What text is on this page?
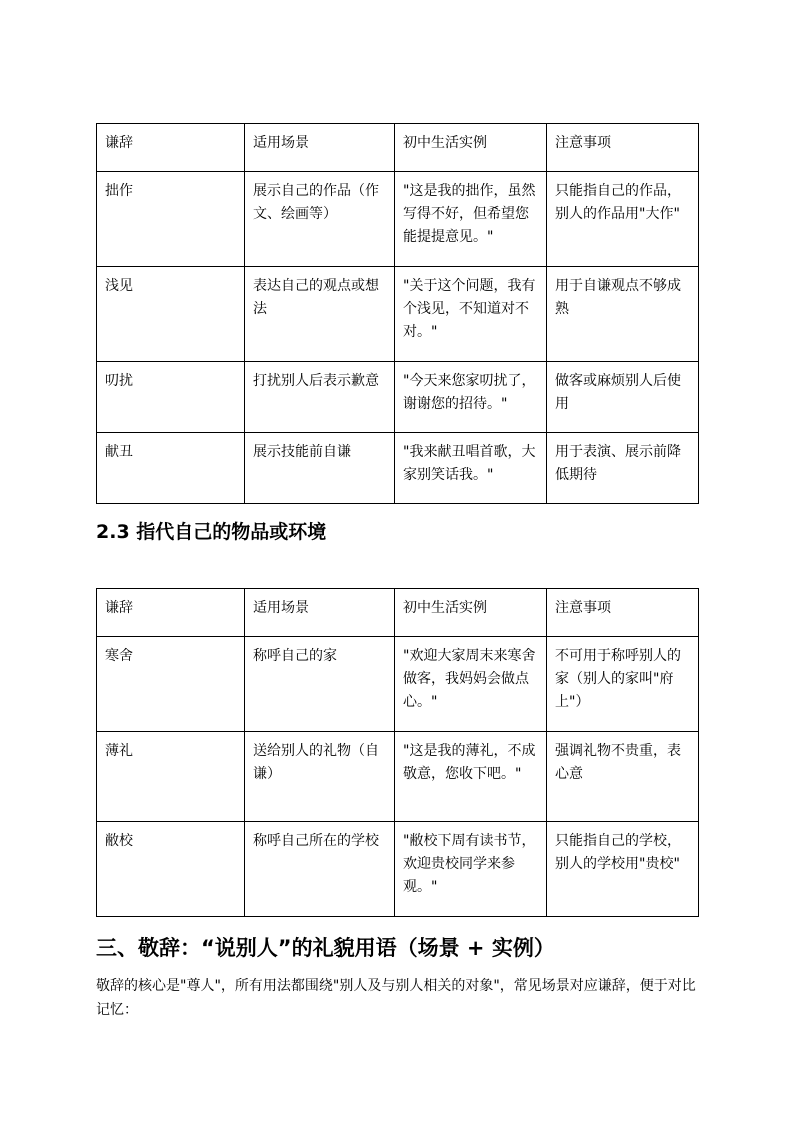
谦辞	适用场景	初中生活实例	注意事项
拙作	展示自己的作品（作文、绘画等）	"这是我的拙作，虽然写得不好，但希望您能提提意见。"	只能指自己的作品，别人的作品用"大作"
浅见	表达自己的观点或想法	"关于这个问题，我有个浅见，不知道对不对。"	用于自谦观点不够成熟
叨扰	打扰别人后表示歉意	"今天来您家叨扰了，谢谢您的招待。"	做客或麻烦别人后使用
献丑	展示技能前自谦	"我来献丑唱首歌，大家别笑话我。"	用于表演、展示前降低期待
2.3 指代自己的物品或环境
谦辞	适用场景	初中生活实例	注意事项
寒舍	称呼自己的家	"欢迎大家周末来寒舍做客，我妈妈会做点心。"	不可用于称呼别人的家（别人的家叫"府上"）
薄礼	送给别人的礼物（自谦）	"这是我的薄礼，不成敬意，您收下吧。"	强调礼物不贵重，表心意
敝校	称呼自己所在的学校	"敝校下周有读书节，欢迎贵校同学来参观。"	只能指自己的学校，别人的学校用"贵校"
三、敬辞：“说别人”的礼貌用语（场景 + 实例）
敬辞的核心是"尊人"，所有用法都围绕"别人及与别人相关的对象"，常见场景对应谦辞，便于对比记忆：
